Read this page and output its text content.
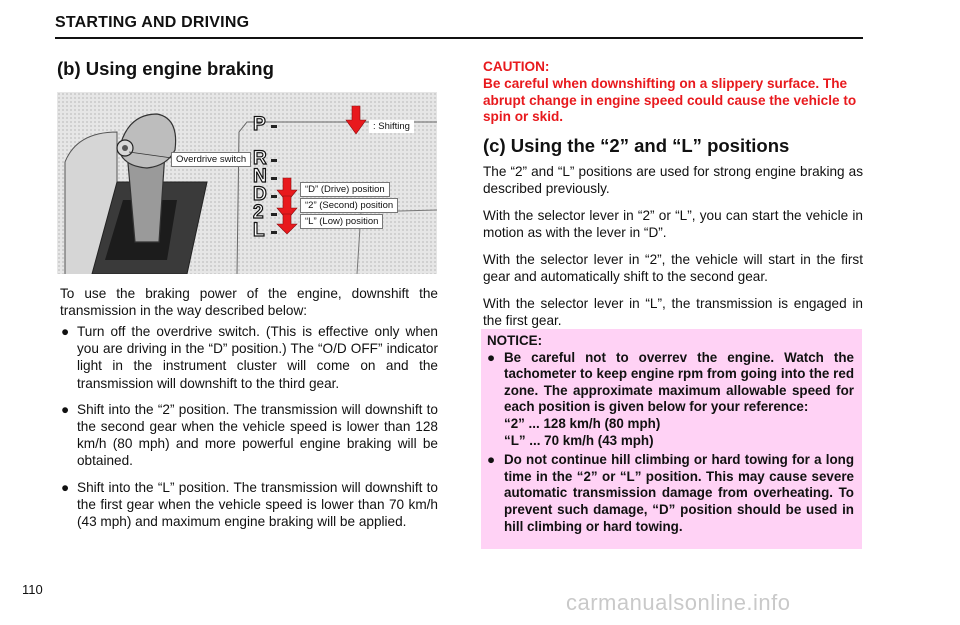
STARTING AND DRIVING
(b) Using engine braking
P
R
N
D
2
L
Overdrive switch
: Shifting
“D” (Drive) position
“2” (Second) position
“L” (Low) position
To use the braking power of the engine, downshift the transmission in the way described below:
● Turn off the overdrive switch. (This is effective only when you are driving in the “D” position.) The “O/D OFF” indicator light in the instrument cluster will come on and the transmission will downshift to the third gear.
● Shift into the “2” position. The transmission will downshift to the second gear when the vehicle speed is lower than 128 km/h (80 mph) and more powerful engine braking will be obtained.
● Shift into the “L” position. The transmission will downshift to the first gear when the vehicle speed is lower than 70 km/h (43 mph) and maximum engine braking will be applied.
CAUTION:
Be careful when downshifting on a slippery surface. The abrupt change in engine speed could cause the vehicle to spin or skid.
(c) Using the “2” and “L” positions
The “2” and “L” positions are used for strong engine braking as described previously.
With the selector lever in “2” or “L”, you can start the vehicle in motion as with the lever in “D”.
With the selector lever in “2”, the vehicle will start in the first gear and automatically shift to the second gear.
With the selector lever in “L”, the transmission is engaged in the first gear.
NOTICE:
● Be careful not to overrev the engine. Watch the tachometer to keep engine rpm from going into the red zone. The approximate maximum allowable speed for each position is given below for your reference:
“2” ... 128 km/h (80 mph)
“L” ... 70 km/h (43 mph)
● Do not continue hill climbing or hard towing for a long time in the “2” or “L” position. This may cause severe automatic transmission damage from overheating. To prevent such damage, “D” position should be used in hill climbing or hard towing.
110
carmanualsonline.info
